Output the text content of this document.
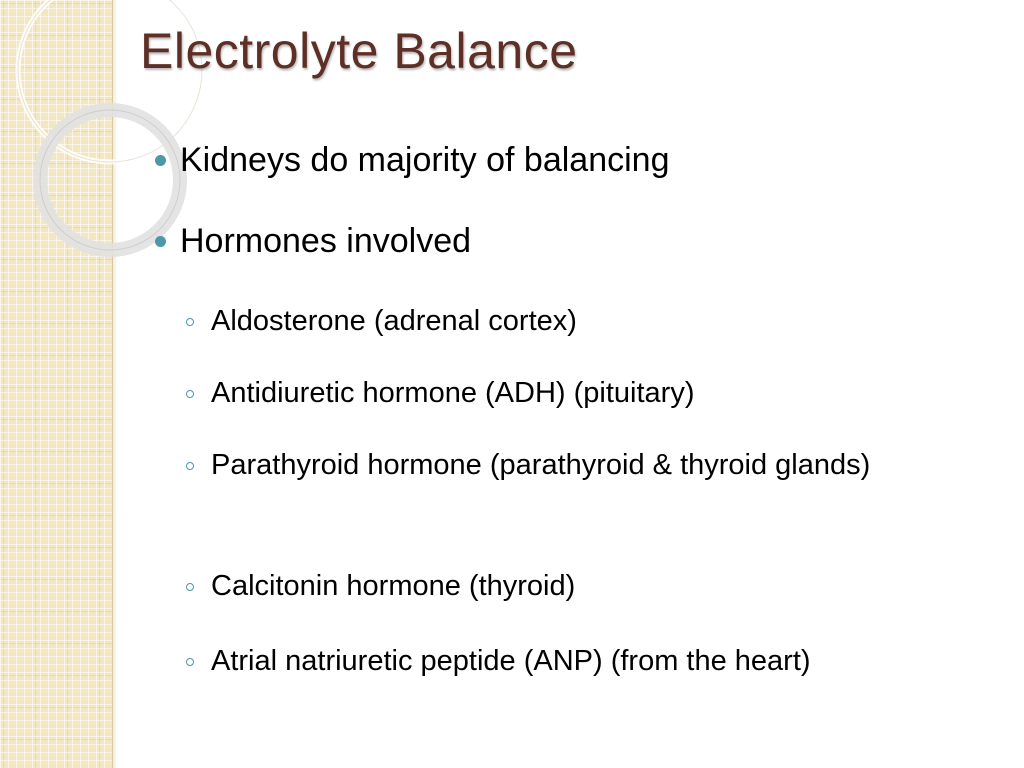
Electrolyte Balance
Kidneys do majority of balancing
Hormones involved
Aldosterone (adrenal cortex)
Antidiuretic hormone (ADH) (pituitary)
Parathyroid hormone (parathyroid & thyroid glands)
Calcitonin hormone (thyroid)
Atrial natriuretic peptide (ANP) (from the heart)
